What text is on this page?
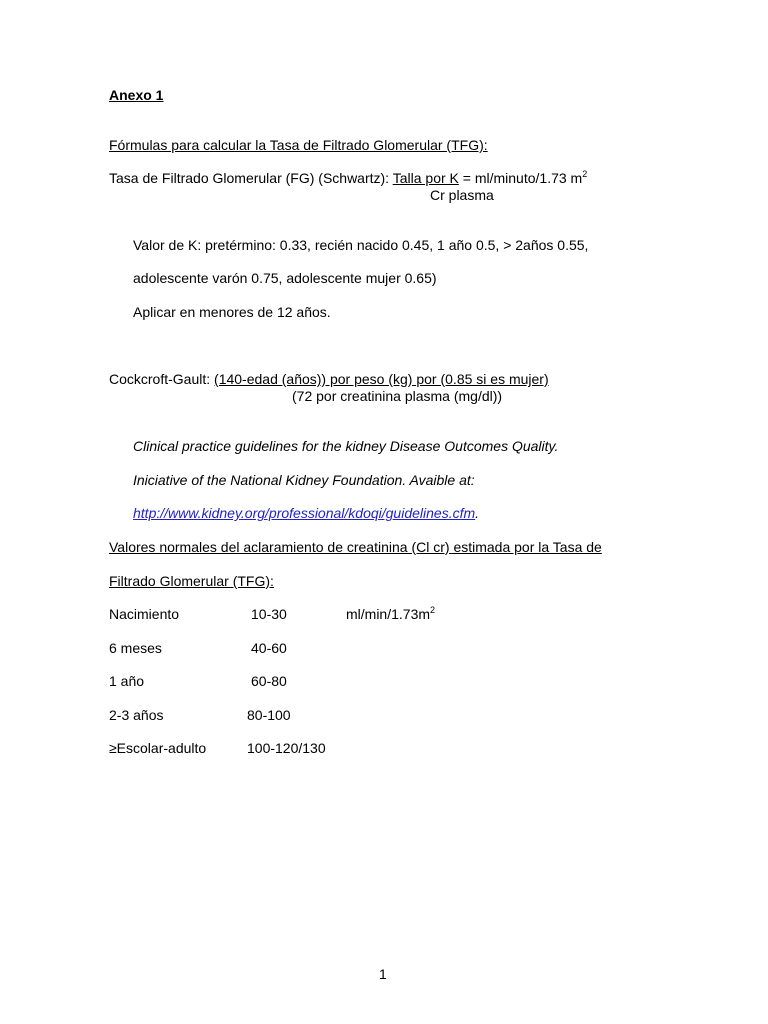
Anexo 1
Fórmulas para calcular la Tasa de Filtrado Glomerular (TFG):
Tasa de Filtrado Glomerular (FG) (Schwartz): Talla por K = ml/minuto/1.73 $m^2$
Cr plasma
Valor de K: pretérmino: 0.33, recién nacido 0.45, 1 año 0.5, > 2años 0.55,
adolescente varón 0.75, adolescente mujer 0.65)
Aplicar en menores de 12 años.
Cockcroft-Gault: (140-edad (años)) por peso (kg) por (0.85 si es mujer)
(72 por creatinina plasma (mg/dl))
Clinical practice guidelines for the kidney Disease Outcomes Quality.
Iniciative of the National Kidney Foundation. Avaible at:
http://www.kidney.org/professional/kdoqi/guidelines.cfm.
Valores normales del aclaramiento de creatinina (Cl cr) estimada por la Tasa de
Filtrado Glomerular (TFG):
Nacimiento	10-30	$ml/\min/1.73m^2$
6 meses	40-60
1 año	60-80
2-3 años	80-100
≥Escolar-adulto	100-120/130
1
